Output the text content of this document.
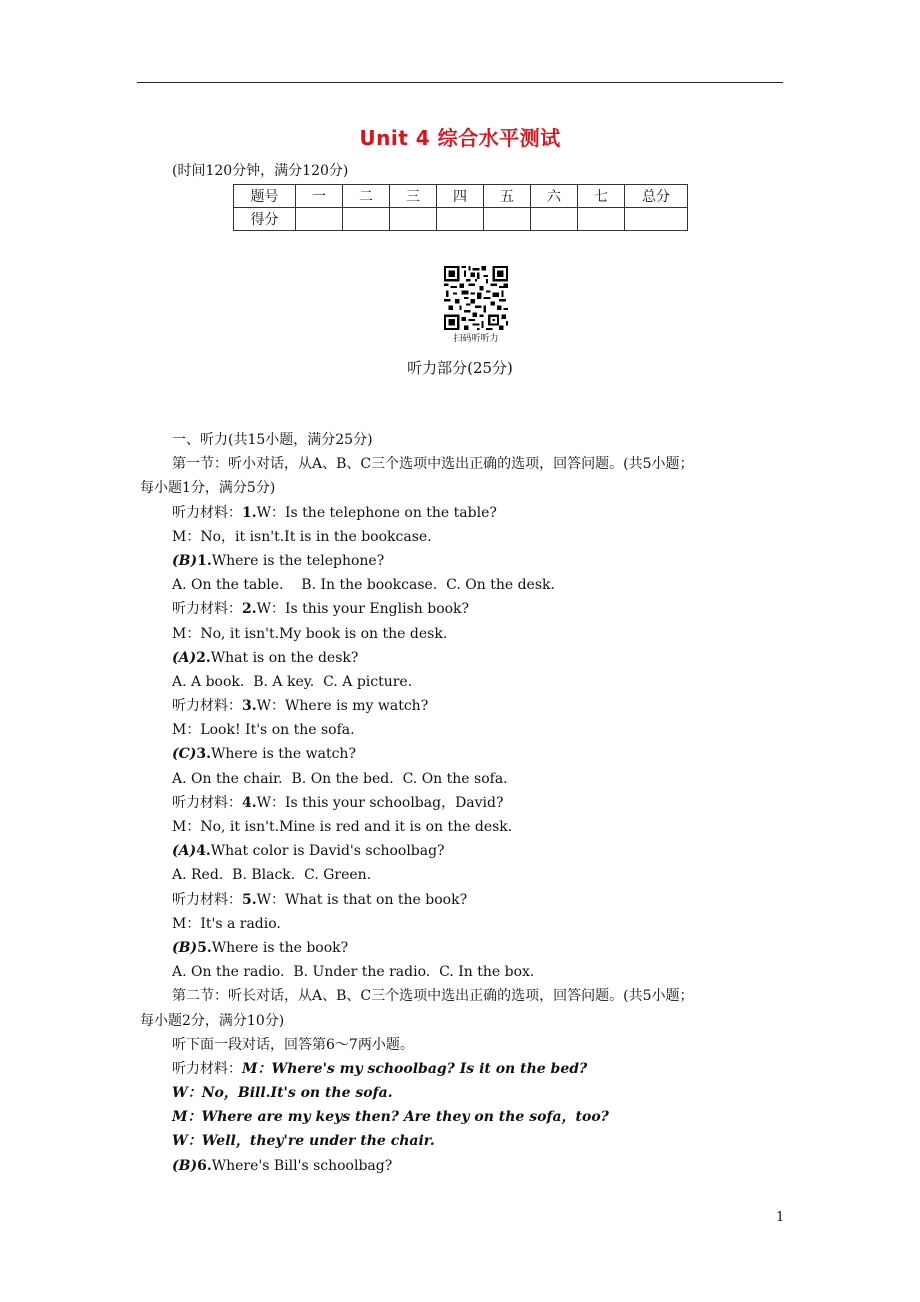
Unit 4 综合水平测试
(时间120分钟，满分120分)
题号	一	二	三	四	五	六	七	总分
得分								
扫码听听力
听力部分(25分)
一、听力(共15小题，满分25分)
第一节：听小对话，从A、B、C三个选项中选出正确的选项，回答问题。(共5小题；
每小题1分，满分5分)
听力材料：1.W：Is the telephone on the table?
M：No，it isn't.It is in the bookcase.
(B)1.Where is the telephone?
A. On the table.    B. In the bookcase.  C. On the desk.
听力材料：2.W：Is this your English book?
M：No, it isn't.My book is on the desk.
(A)2.What is on the desk?
A. A book.  B. A key.  C. A picture.
听力材料：3.W：Where is my watch?
M：Look! It's on the sofa.
(C)3.Where is the watch?
A. On the chair.  B. On the bed.  C. On the sofa.
听力材料：4.W：Is this your schoolbag，David?
M：No, it isn't.Mine is red and it is on the desk.
(A)4.What color is David's schoolbag?
A. Red.  B. Black.  C. Green.
听力材料：5.W：What is that on the book?
M：It's a radio.
(B)5.Where is the book?
A. On the radio.  B. Under the radio.  C. In the box.
第二节：听长对话，从A、B、C三个选项中选出正确的选项，回答问题。(共5小题；
每小题2分，满分10分)
听下面一段对话，回答第6～7两小题。
听力材料：M：Where's my schoolbag? Is it on the bed?
W：No，Bill.It's on the sofa.
M：Where are my keys then? Are they on the sofa，too?
W：Well，they're under the chair.
(B)6.Where's Bill's schoolbag?
1
